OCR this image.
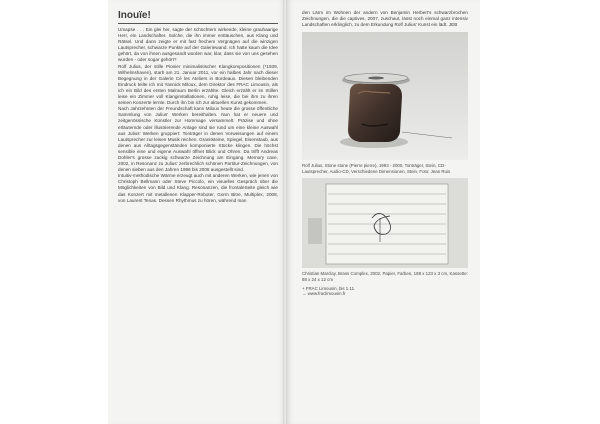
Inouïe!

Umapse . . . Ein glei her, sagte der schüchtern wirkende, kleine grauhaarige Herr, ein Landschafter. Solche, die ihn immer enttäuschen, aus Klang und Rätsel. Und dann zeigte er mit fast frechem Vergnügen auf die winzigen Lautsprecher, schwarze Punkte auf der Galeriewand. Ich hatte kaum die Idee gehört, da von ihnen ausgesandt worden war, klar, dass sie von uns gesehen wurden - oder sogar gehört?

Rolf Julius, der stille Pionier minimalistischer Klangkompositionen (*1939, Wilhelmshaven), starb am 21. Januar 2011, vor ein halbes Jahr nach dieser Begegnung in der Galerie Cé les Ateliers in Bordeaux. Diesen bleibenden Eindruck teilte ich mit Yannick Miloux, dem Direktor des FRAC Limousin, als ich ein Bild des ersten Malraum Berlin erzählte. Gleich erzählt er im Stillen leise ein Zimmer voll Klanginstallationen, ruhig leise, die bei ihm zu ihren seinen Konzerte lernte. Durch ihn bin ich zur aktuellen Kunst gekommen.

Nach Jahrzehnten der Freundschaft kann Miloux heute die grosse öffentliche Sammlung von Julius' Werken bereithalten. Nun hat er neuere und zeitgenössische Künstler zur Hommage versammelt. Präzise und ohne erläuternde oder illustrierende Anlage sind sie rund um eine kleine Auswahl aus Julius' Werken gruppiert: Tonträger in denen Vorweisungen auf einem Lautsprecher zur leisen Musik reichen. Granitsteine, Spiegel, Eisenstaub, aus denen aus Alltagsgegenständen komponierte Stücke klingen. Die höchst sensible eine und eigene Auswahl öffnet Blick und Ohren. Da trifft Andreas Dohler's grosse zackig schwarze Zeichnung am Eingang. Memory cave, 2002, in Resonanz zu Julius' zerbrechlich schönen Partitur-Zeichnungen, von denen sieben aus den Jahren 1996 bis 2006 ausgestellt sind.

Intuitiv-methodische Wärme erzeugt auch mit anderen Werken, wie jenen von Christoph Bellmann oder Steve Piccolo, ein visuelles Gespräch über die Möglichkeiten von Bild und Klang. Resonanzen, die frontaleSeite gleich wie das Konzert mit metallenen Klapper-Roboter, Gorm Bitre, Multiplex, 2008, von Laurent Tenas. Dessen Rhythmus zu hören, während man

den Lärm im Wohnen der andern von Benjamin Herbert's schwarzbrochen Zeichnungen, die die captives, 2007, zuschaut, lässt noch einmal ganz intensiv Landschaften erklinglich, zu dem Erkundung Rolf Julius' Kunst ein lädt. JEB

Rolf Julius, Stone stone (Pierre pierre), 1993 - 2000, Tonträger, Stein, CD-Lautsprecher, Audio-CD, Verschiedene Dimensionen, Stein, Foto: Jean Ruis
Christian Marclay, Brass Complex, 2002, Papier, Farben, 188 x 123 x 3 cm, Kassette: 88 x 24 x 12 cm
+ FRAC Limousin, bis 1.11.
→ www.fraclimousin.fr
